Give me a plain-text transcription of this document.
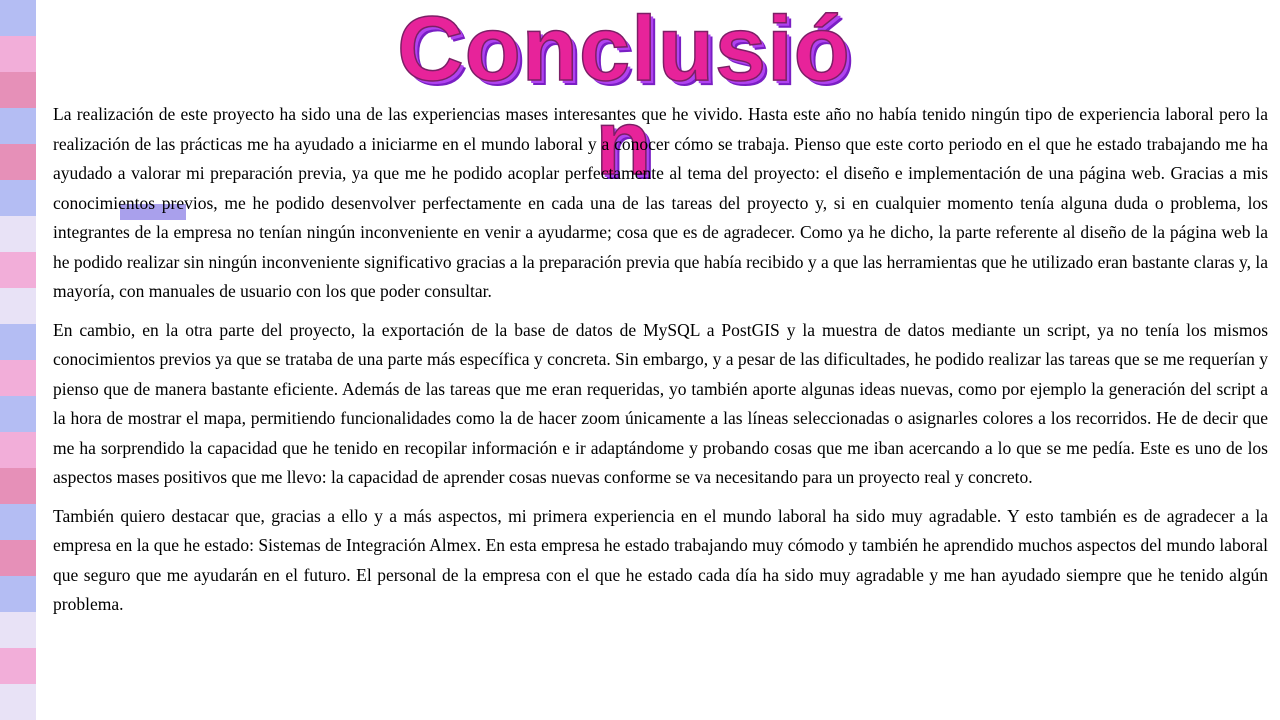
Conclusión

La realización de este proyecto ha sido una de las experiencias mases interesantes que he vivido. Hasta este año no había tenido ningún tipo de experiencia laboral pero la realización de las prácticas me ha ayudado a iniciarme en el mundo laboral y a conocer cómo se trabaja. Pienso que este corto periodo en el que he estado trabajando me ha ayudado a valorar mi preparación previa, ya que me he podido acoplar perfectamente al tema del proyecto: el diseño e implementación de una página web. Gracias a mis conocimientos previos, me he podido desenvolver perfectamente en cada una de las tareas del proyecto y, si en cualquier momento tenía alguna duda o problema, los integrantes de la empresa no tenían ningún inconveniente en venir a ayudarme; cosa que es de agradecer. Como ya he dicho, la parte referente al diseño de la página web la he podido realizar sin ningún inconveniente significativo gracias a la preparación previa que había recibido y a que las herramientas que he utilizado eran bastante claras y, la mayoría, con manuales de usuario con los que poder consultar.

En cambio, en la otra parte del proyecto, la exportación de la base de datos de MySQL a PostGIS y la muestra de datos mediante un script, ya no tenía los mismos conocimientos previos ya que se trataba de una parte más específica y concreta. Sin embargo, y a pesar de las dificultades, he podido realizar las tareas que se me requerían y pienso que de manera bastante eficiente. Además de las tareas que me eran requeridas, yo también aporte algunas ideas nuevas, como por ejemplo la generación del script a la hora de mostrar el mapa, permitiendo funcionalidades como la de hacer zoom únicamente a las líneas seleccionadas o asignarles colores a los recorridos. He de decir que me ha sorprendido la capacidad que he tenido en recopilar información e ir adaptándome y probando cosas que me iban acercando a lo que se me pedía. Este es uno de los aspectos mases positivos que me llevo: la capacidad de aprender cosas nuevas conforme se va necesitando para un proyecto real y concreto.

También quiero destacar que, gracias a ello y a más aspectos, mi primera experiencia en el mundo laboral ha sido muy agradable. Y esto también es de agradecer a la empresa en la que he estado: Sistemas de Integración Almex. En esta empresa he estado trabajando muy cómodo y también he aprendido muchos aspectos del mundo laboral que seguro que me ayudarán en el futuro. El personal de la empresa con el que he estado cada día ha sido muy agradable y me han ayudado siempre que he tenido algún problema.
